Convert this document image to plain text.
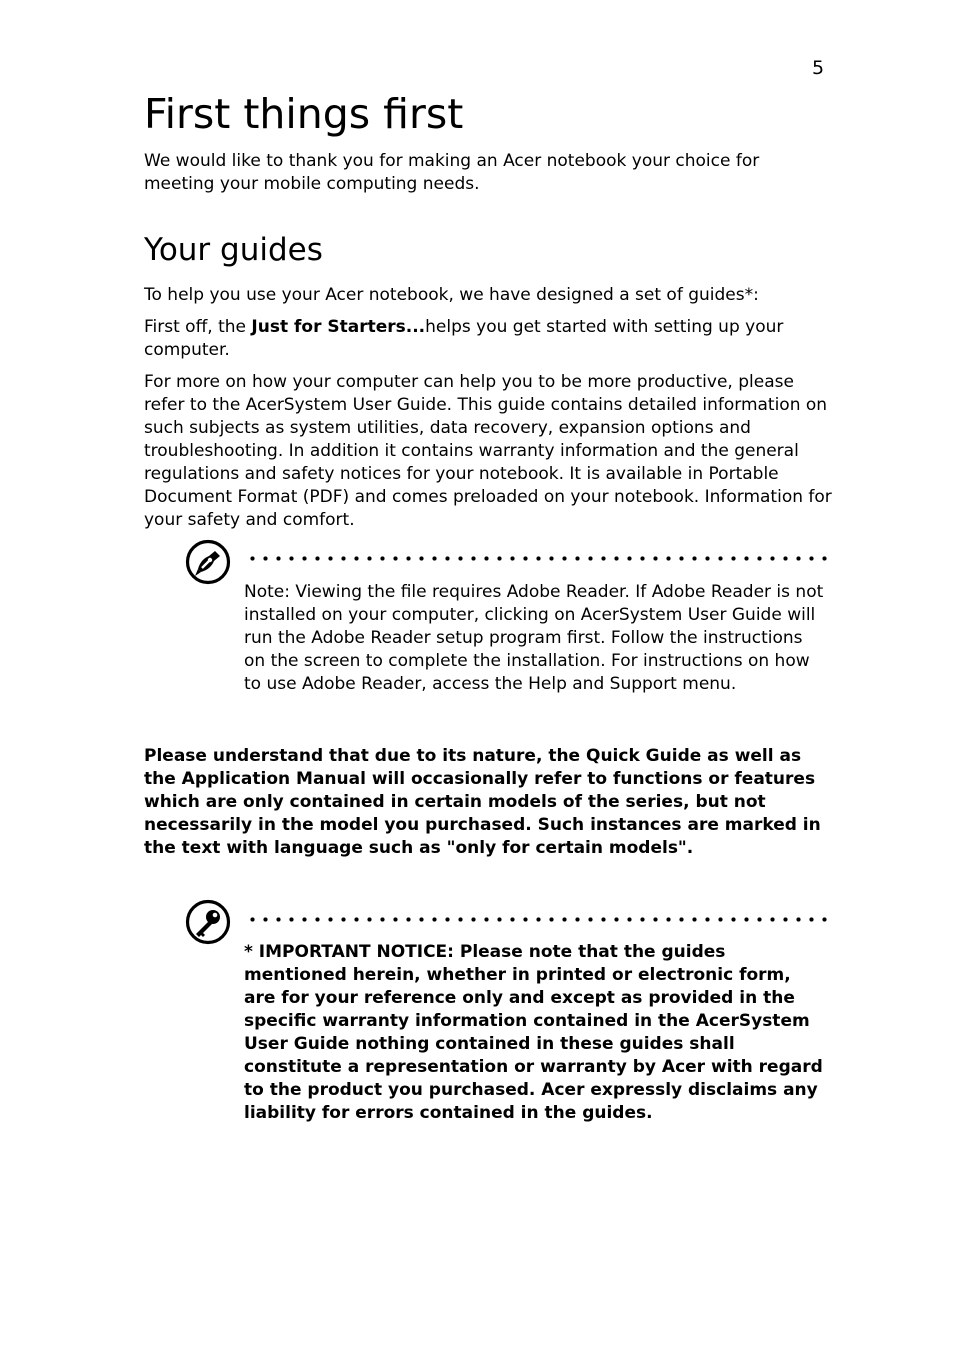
5
First things first

We would like to thank you for making an Acer notebook your choice for meeting your mobile computing needs.

Your guides

To help you use your Acer notebook, we have designed a set of guides*:

First off, the Just for Starters...helps you get started with setting up your computer.

For more on how your computer can help you to be more productive, please refer to the AcerSystem User Guide. This guide contains detailed information on such subjects as system utilities, data recovery, expansion options and troubleshooting. In addition it contains warranty information and the general regulations and safety notices for your notebook. It is available in Portable Document Format (PDF) and comes preloaded on your notebook. Information for your safety and comfort.

Note: Viewing the file requires Adobe Reader. If Adobe Reader is not installed on your computer, clicking on AcerSystem User Guide will run the Adobe Reader setup program first. Follow the instructions on the screen to complete the installation. For instructions on how to use Adobe Reader, access the Help and Support menu.

Please understand that due to its nature, the Quick Guide as well as the Application Manual will occasionally refer to functions or features which are only contained in certain models of the series, but not necessarily in the model you purchased. Such instances are marked in the text with language such as "only for certain models".

* IMPORTANT NOTICE: Please note that the guides mentioned herein, whether in printed or electronic form, are for your reference only and except as provided in the specific warranty information contained in the AcerSystem User Guide nothing contained in these guides shall constitute a representation or warranty by Acer with regard to the product you purchased. Acer expressly disclaims any liability for errors contained in the guides.
